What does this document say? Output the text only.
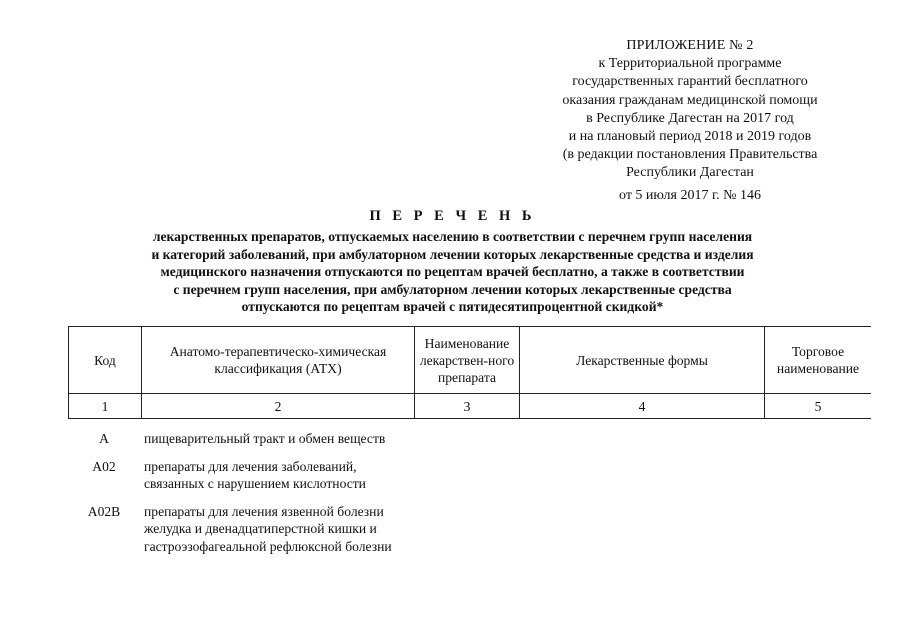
ПРИЛОЖЕНИЕ № 2
к Территориальной программе
государственных гарантий бесплатного
оказания гражданам медицинской помощи
в Республике Дагестан на 2017 год
и на плановый период 2018 и 2019 годов
(в редакции постановления Правительства
Республики Дагестан
от 5 июля 2017 г. № 146
П Е Р Е Ч Е Н Ь
лекарственных препаратов, отпускаемых населению в соответствии с перечнем групп населения
и категорий заболеваний, при амбулаторном лечении которых лекарственные средства и изделия
медицинского назначения отпускаются по рецептам врачей бесплатно, а также в соответствии
с перечнем групп населения, при амбулаторном лечении которых лекарственные средства
отпускаются по рецептам врачей с пятидесятипроцентной скидкой*
Код	Анатомо-терапевтическо-химическая классификация (АТХ)	Наименование лекарствен-ного препарата	Лекарственные формы	Торговое наименование
1	2	3	4	5
А	пищеварительный тракт и обмен веществ
А02	препараты для лечения заболеваний, связанных с нарушением кислотности
А02В	препараты для лечения язвенной болезни желудка и двенадцатиперстной кишки и гастроэзофагеальной рефлюксной болезни
